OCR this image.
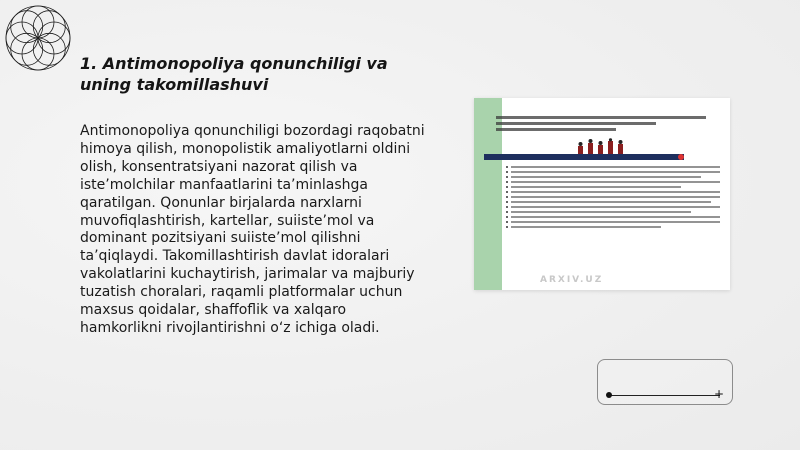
1. Antimonopoliya qonunchiligi va uning takomillashuvi
Antimonopoliya qonunchiligi bozordagi raqobatni himoya qilish, monopolistik amaliyotlarni oldini olish, konsentratsiyani nazorat qilish va iste’molchilar manfaatlarini ta’minlashga qaratilgan. Qonunlar birjalarda narxlarni muvofiqlashtirish, kartellar, suiiste’mol va dominant pozitsiyani suiiste’mol qilishni ta’qiqlaydi. Takomillashtirish davlat idoralari vakolatlarini kuchaytirish, jarimalar va majburiy tuzatish choralari, raqamli platformalar uchun maxsus qoidalar, shaffoflik va xalqaro hamkorlikni rivojlantirishni o‘z ichiga oladi.
ARXIV.UZ
+
